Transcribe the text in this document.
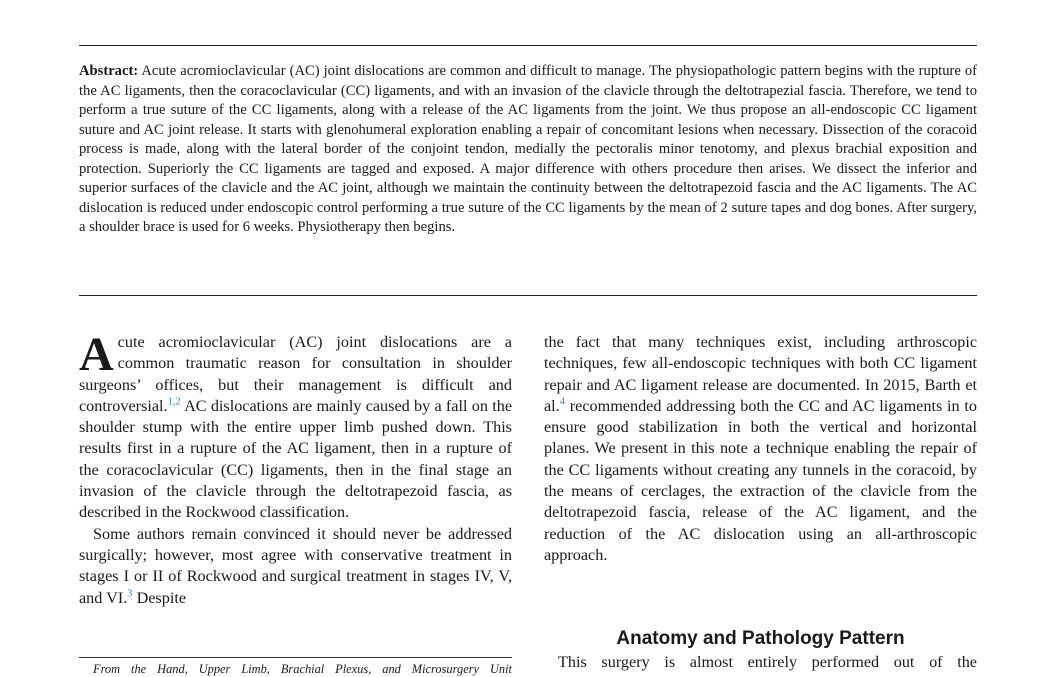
Abstract: Acute acromioclavicular (AC) joint dislocations are common and difficult to manage. The physiopathologic pattern begins with the rupture of the AC ligaments, then the coracoclavicular (CC) ligaments, and with an invasion of the clavicle through the deltotrapezial fascia. Therefore, we tend to perform a true suture of the CC ligaments, along with a release of the AC ligaments from the joint. We thus propose an all-endoscopic CC ligament suture and AC joint release. It starts with glenohumeral exploration enabling a repair of concomitant lesions when necessary. Dissection of the coracoid process is made, along with the lateral border of the conjoint tendon, medially the pectoralis minor tenotomy, and plexus brachial exposition and protection. Superiorly the CC ligaments are tagged and exposed. A major difference with others procedure then arises. We dissect the inferior and superior surfaces of the clavicle and the AC joint, although we maintain the continuity between the deltotrapezoid fascia and the AC ligaments. The AC dislocation is reduced under endoscopic control performing a true suture of the CC ligaments by the mean of 2 suture tapes and dog bones. After surgery, a shoulder brace is used for 6 weeks. Physiotherapy then begins.

Acute acromioclavicular (AC) joint dislocations are a common traumatic reason for consultation in shoulder surgeons’ offices, but their management is difficult and controversial.$^{1,2}$ AC dislocations are mainly caused by a fall on the shoulder stump with the entire upper limb pushed down. This results first in a rupture of the AC ligament, then in a rupture of the coracoclavicular (CC) ligaments, then in the final stage an invasion of the clavicle through the deltotrapezoid fascia, as described in the Rockwood classification.

Some authors remain convinced it should never be addressed surgically; however, most agree with conservative treatment in stages I or II of Rockwood and surgical treatment in stages IV, V, and VI.$^3$ Despite

the fact that many techniques exist, including arthroscopic techniques, few all-endoscopic techniques with both CC ligament repair and AC ligament release are documented. In 2015, Barth et al.$^4$ recommended addressing both the CC and AC ligaments in to ensure good stabilization in both the vertical and horizontal planes. We present in this note a technique enabling the repair of the CC ligaments without creating any tunnels in the coracoid, by the means of cerclages, the extraction of the clavicle from the deltotrapezoid fascia, release of the AC ligament, and the reduction of the AC dislocation using an all-arthroscopic approach.

Anatomy and Pathology Pattern
This surgery is almost entirely performed out of the
From the Hand, Upper Limb, Brachial Plexus, and Microsurgery Unit
